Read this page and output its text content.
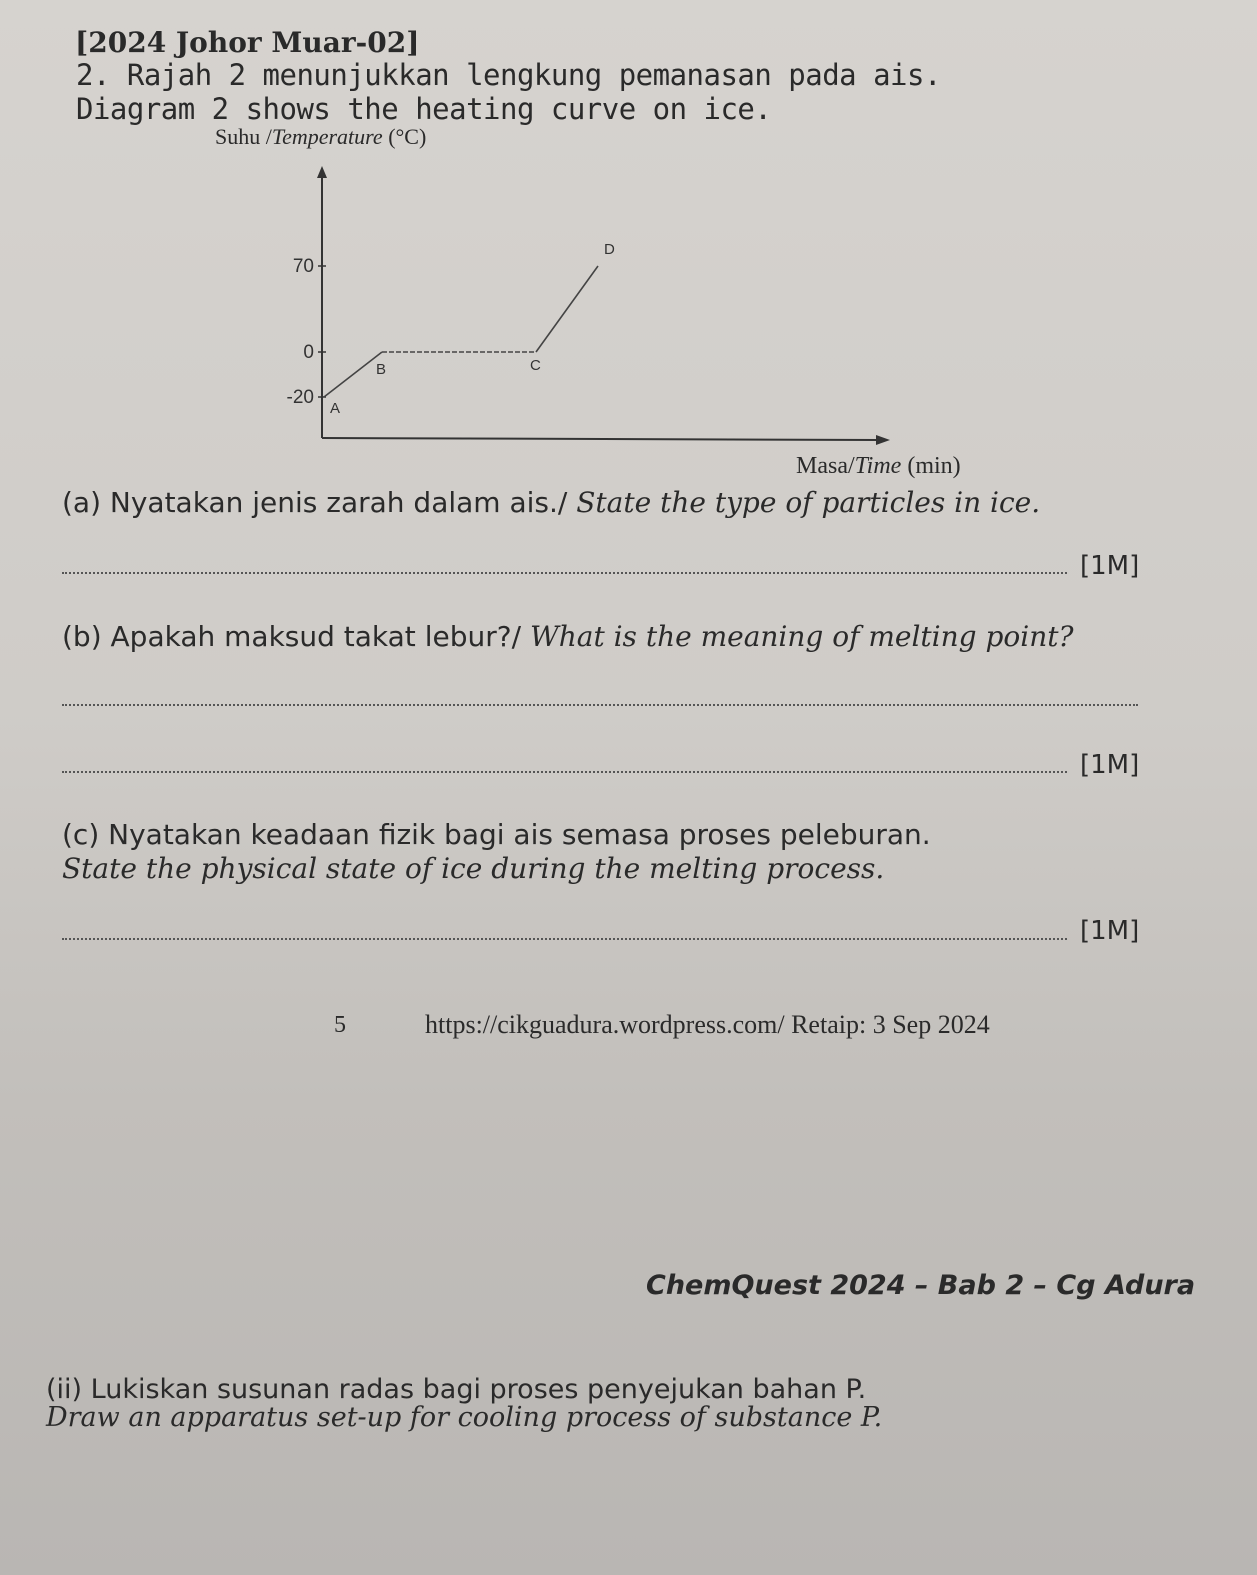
[2024 Johor Muar-02]
2. Rajah 2 menunjukkan lengkung pemanasan pada ais.
Diagram 2 shows the heating curve on ice.
Suhu /Temperature (°C)
70
0
-20
A
B	C
D
Masa/Time (min)
(a) Nyatakan jenis zarah dalam ais./ State the type of particles in ice.
[1M]
(b) Apakah maksud takat lebur?/ What is the meaning of melting point?
[1M]
(c) Nyatakan keadaan fizik bagi ais semasa proses peleburan.
State the physical state of ice during the melting process.
[1M]
5	https://cikguadura.wordpress.com/ Retaip: 3 Sep 2024
ChemQuest 2024 – Bab 2 – Cg Adura
(ii) Lukiskan susunan radas bagi proses penyejukan bahan P.
Draw an apparatus set-up for cooling process of substance P.
